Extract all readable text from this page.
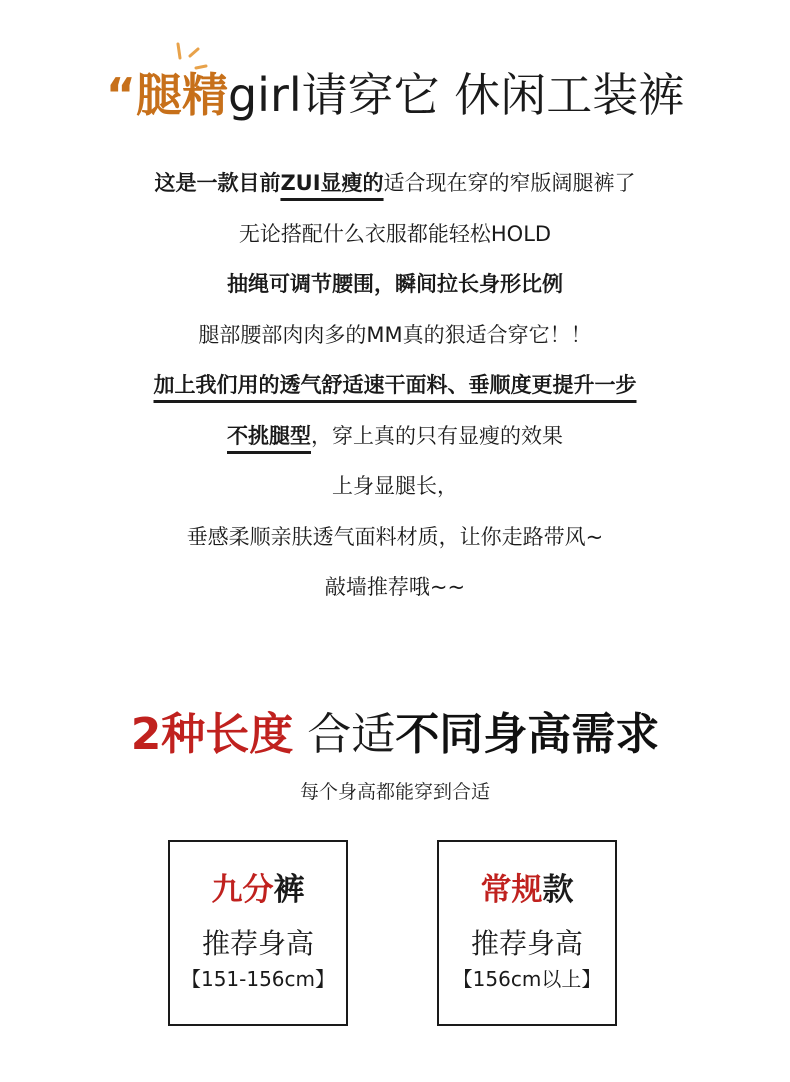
“腿精girl请穿它 休闲工装裤
这是一款目前ZUI显瘦的适合现在穿的窄版阔腿裤了
无论搭配什么衣服都能轻松HOLD
抽绳可调节腰围，瞬间拉长身形比例
腿部腰部肉肉多的MM真的狠适合穿它！！
加上我们用的透气舒适速干面料、垂顺度更提升一步
不挑腿型，穿上真的只有显瘦的效果
上身显腿长，
垂感柔顺亲肤透气面料材质，让你走路带风~
敲墙推荐哦~~
2种长度 合适不同身高需求
每个身高都能穿到合适
九分裤
推荐身高
【151-156cm】
常规款
推荐身高
【156cm以上】
